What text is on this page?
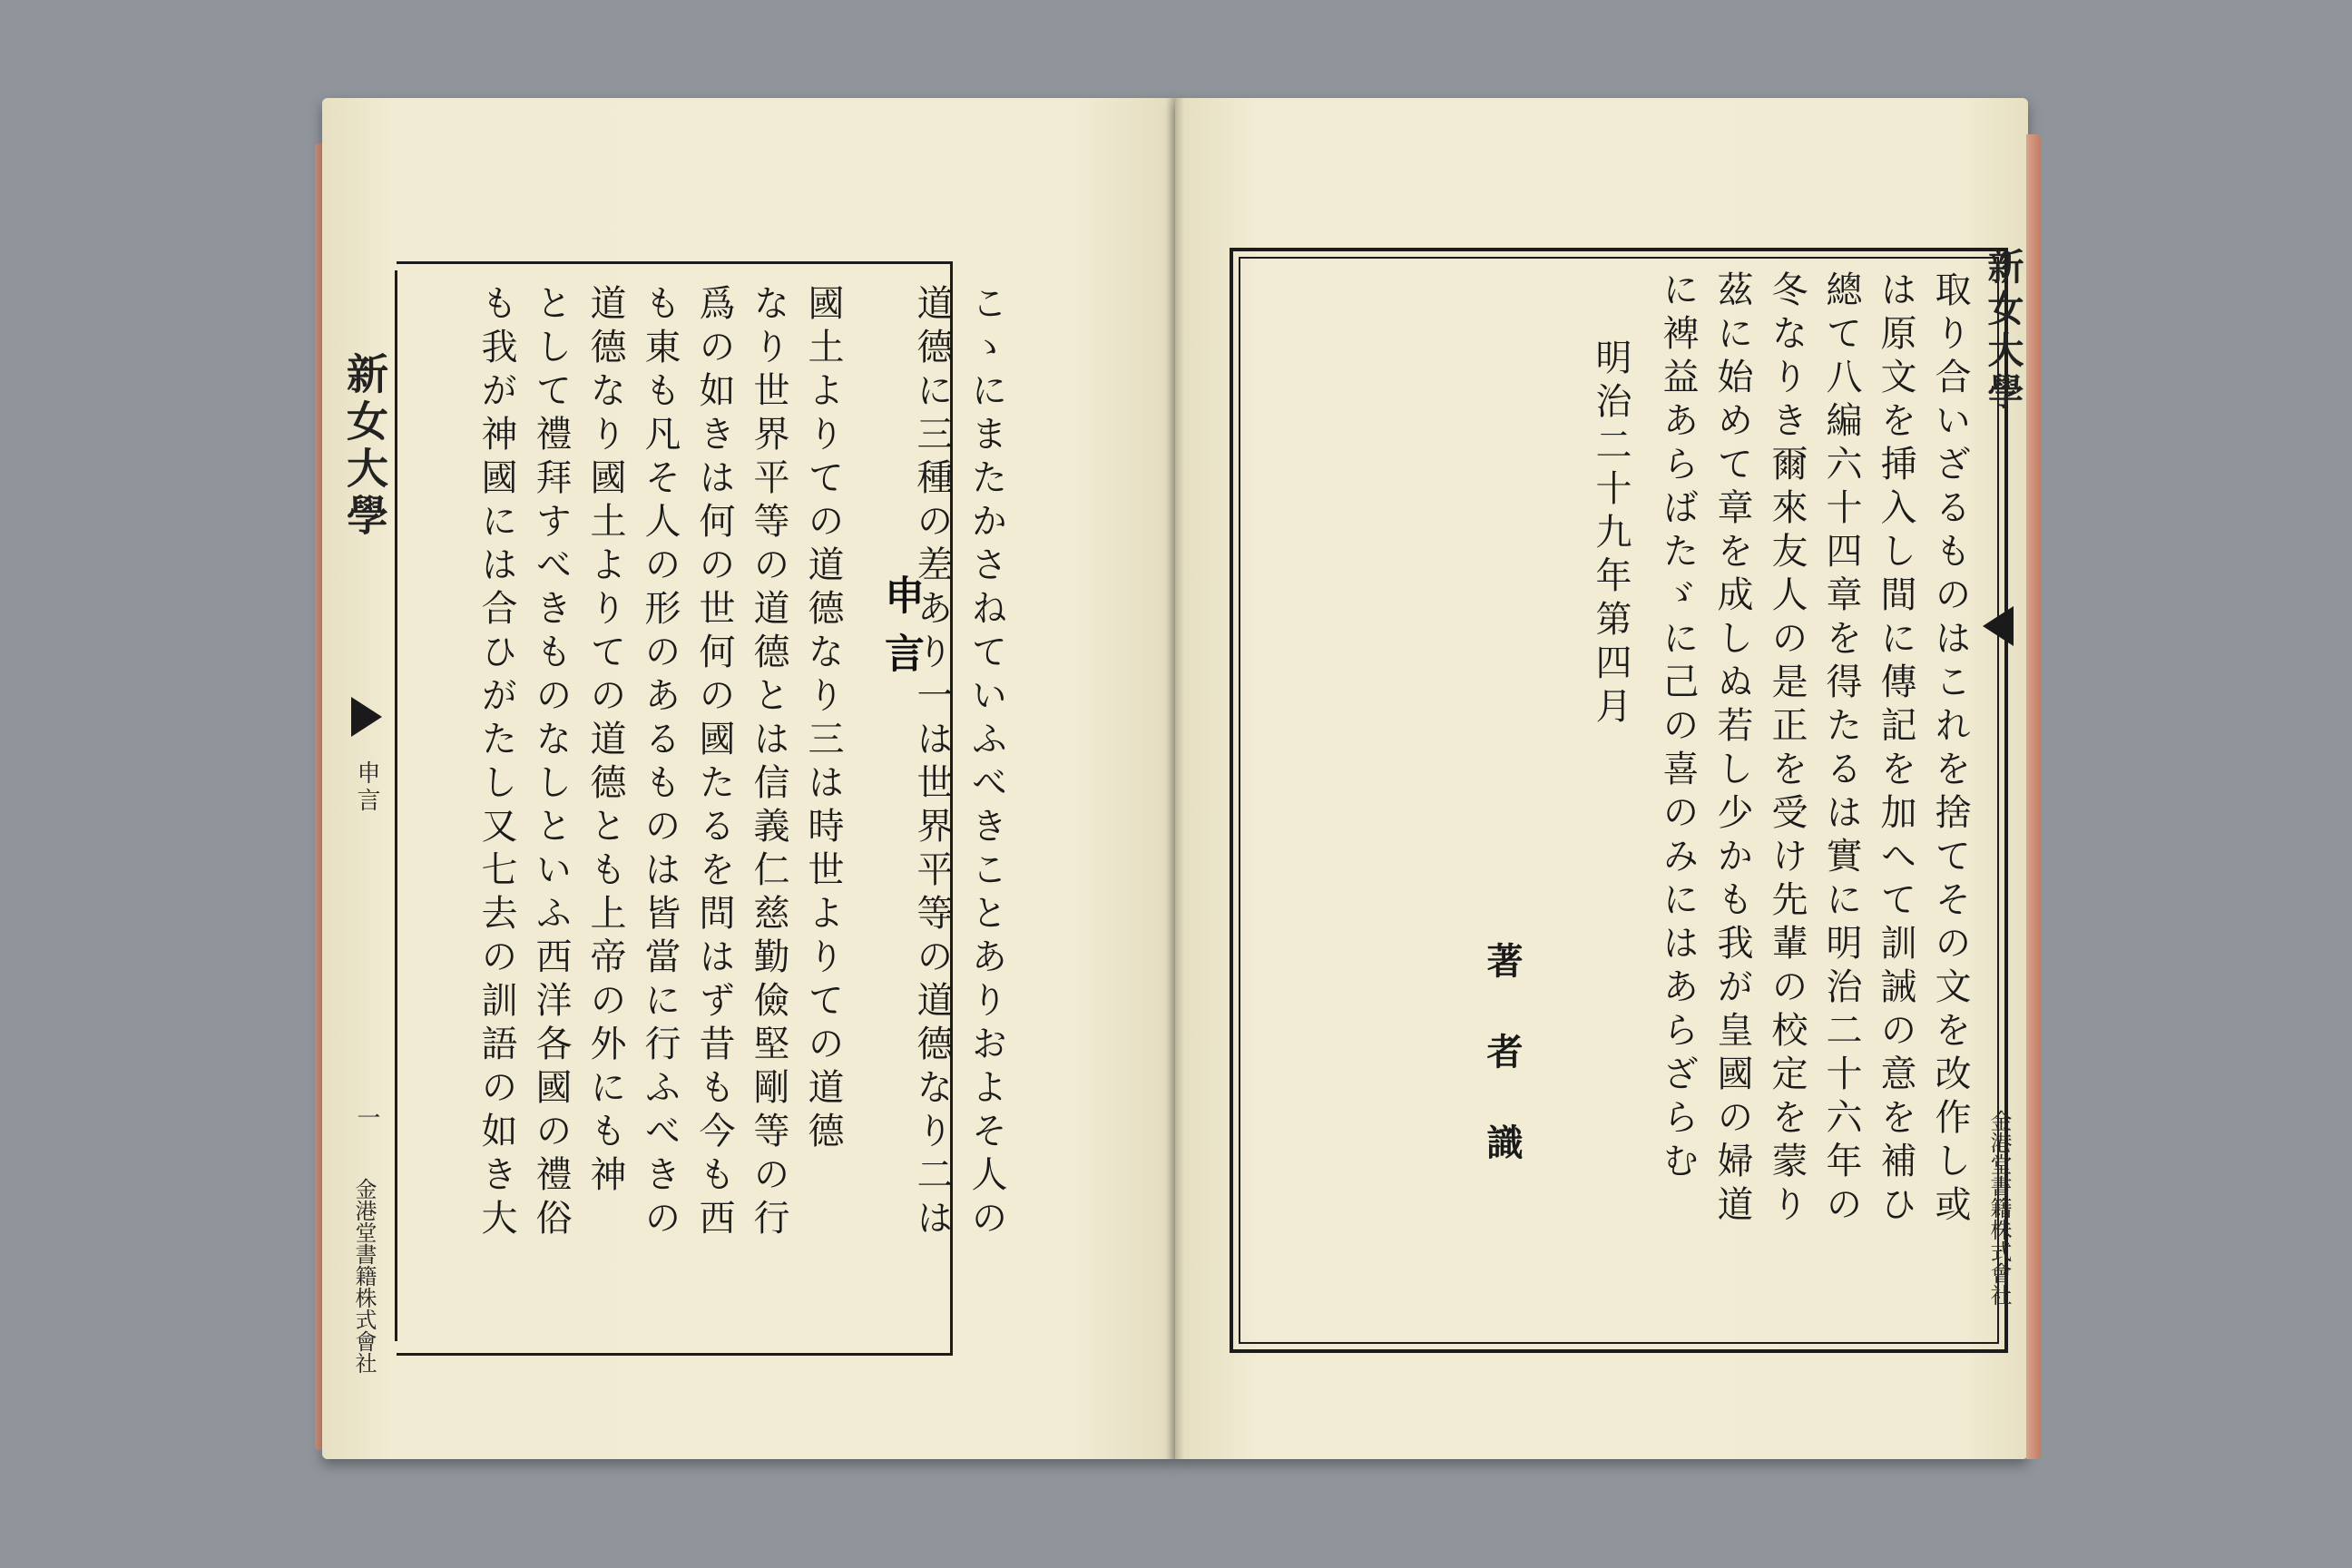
新女大學
申言
一
金港堂書籍株式會社
申言 こゝにまたかさねていふべきことありおよそ人の
道德に三種の差あり一は世界平等の道德なり二は
國土よりての道德なり三は時世よりての道德
なり世界平等の道德とは信義仁慈勤儉堅剛等の行
爲の如きは何の世何の國たるを問はず昔も今も西
も東も凡そ人の形のあるものは皆當に行ふべきの
道德なり國土よりての道德とも上帝の外にも神
として禮拜すべきものなしといふ西洋各國の禮俗
も我が神國には合ひがたし又七去の訓語の如き大
　	新女大學
金港堂書籍株式會社
取り合いざるものはこれを捨てその文を改作し或
は原文を挿入し間に傳記を加へて訓誡の意を補ひ
總て八編六十四章を得たるは實に明治二十六年の
冬なりき爾來友人の是正を受け先輩の校定を蒙り
茲に始めて章を成しぬ若し少かも我が皇國の婦道
に裨益あらばたゞに己の喜のみにはあらざらむ
明治二十九年第四月
著者識
